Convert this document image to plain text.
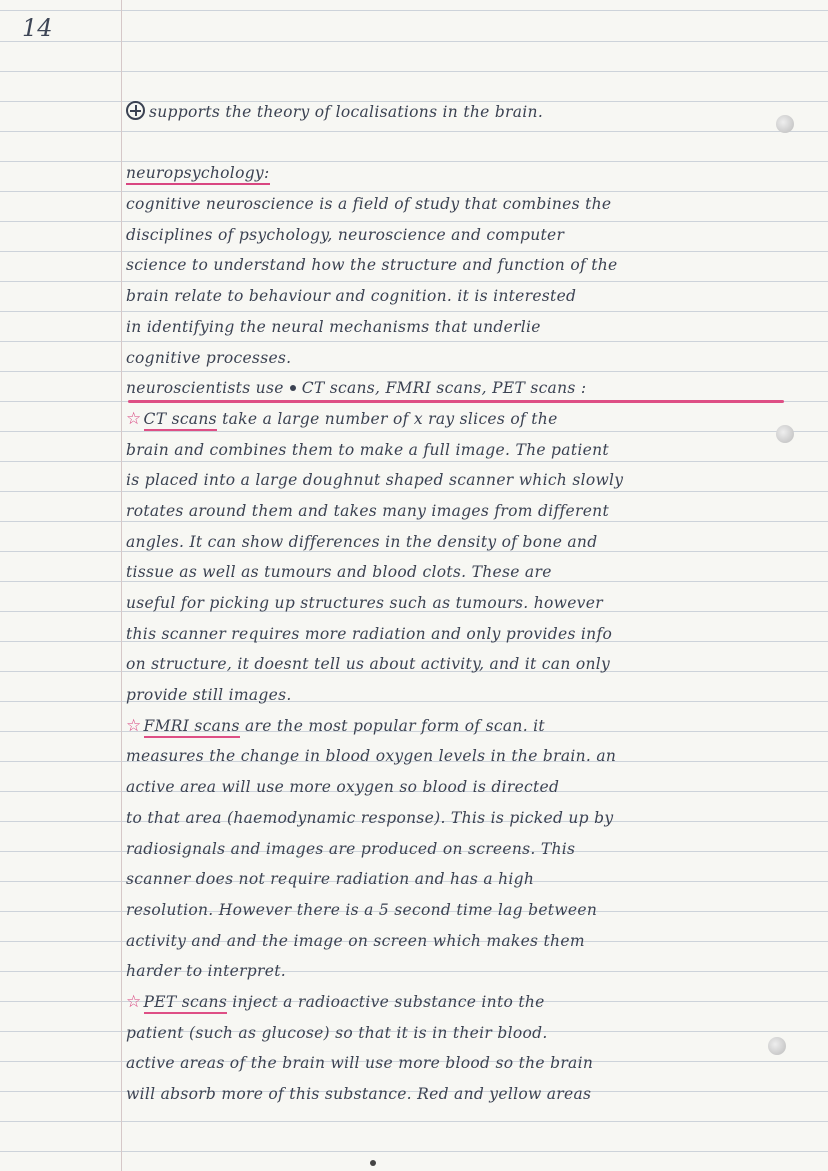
14
supports the theory of localisations in the brain.
neuropsychology:
cognitive neuroscience is a field of study that combines the
disciplines of psychology, neuroscience and computer
science to understand how the structure and function of the
brain relate to behaviour and cognition. it is interested
in identifying the neural mechanisms that underlie
cognitive processes.
neuroscientists use CT scans, FMRI scans, PET scans :
☆ CT scans take a large number of x ray slices of the
brain and combines them to make a full image. The patient
is placed into a large doughnut shaped scanner which slowly
rotates around them and takes many images from different
angles. It can show differences in the density of bone and
tissue as well as tumours and blood clots. These are
useful for picking up structures such as tumours. however
this scanner requires more radiation and only provides info
on structure, it doesnt tell us about activity, and it can only
provide still images.
☆ FMRI scans are the most popular form of scan. it
measures the change in blood oxygen levels in the brain. an
active area will use more oxygen so blood is directed
to that area (haemodynamic response). This is picked up by
radiosignals and images are produced on screens. This
scanner does not require radiation and has a high
resolution. However there is a 5 second time lag between
activity and and the image on screen which makes them
harder to interpret.
☆ PET scans inject a radioactive substance into the
patient (such as glucose) so that it is in their blood.
active areas of the brain will use more blood so the brain
will absorb more of this substance. Red and yellow areas
